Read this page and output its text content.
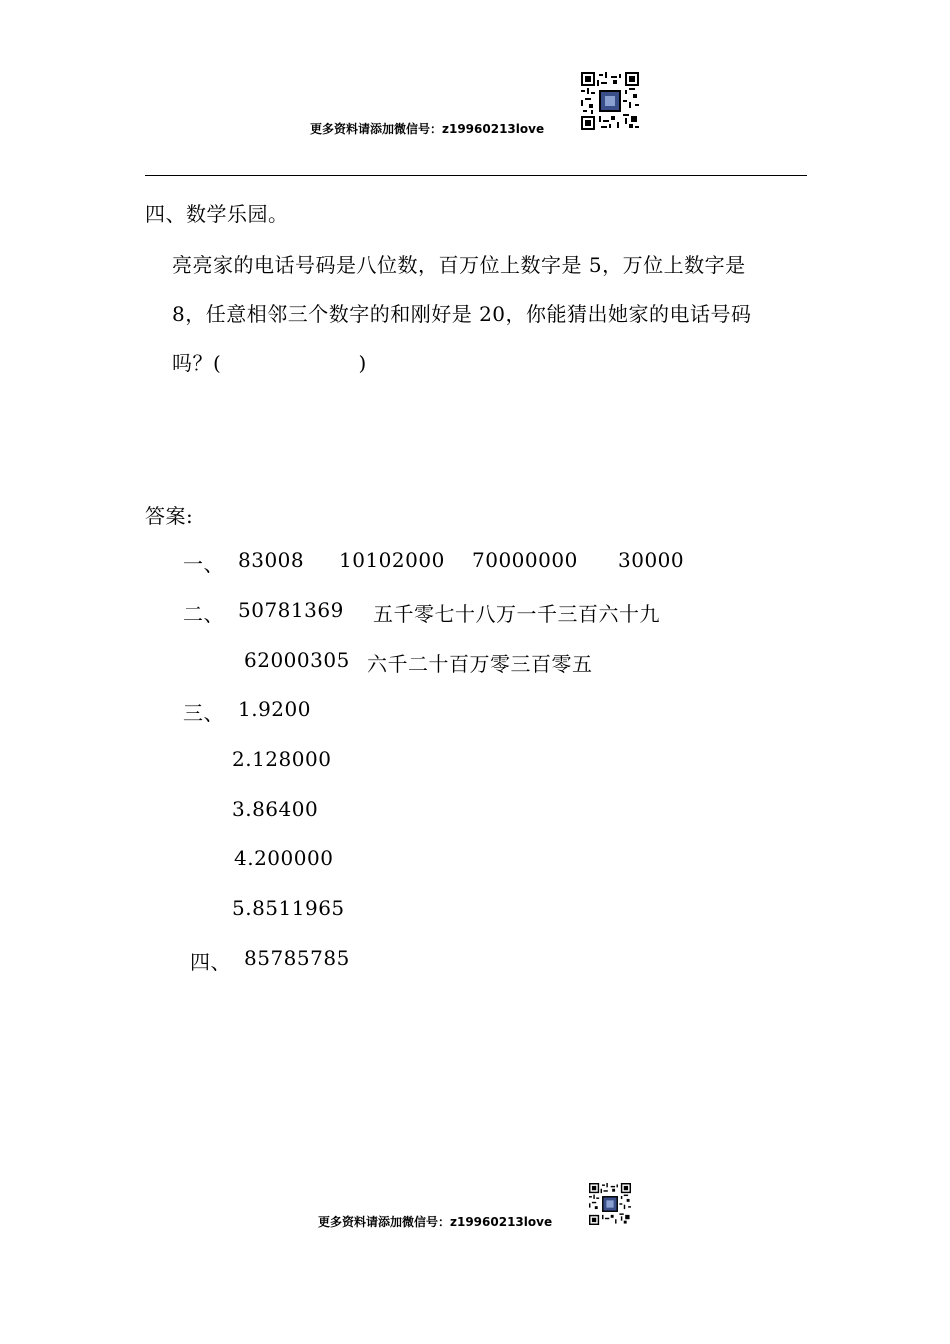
更多资料请添加微信号：z19960213love
四、数学乐园。
亮亮家的电话号码是八位数，百万位上数字是 5，万位上数字是
8，任意相邻三个数字的和刚好是 20，你能猜出她家的电话号码
吗？(                    )
答案:
一、 83008 10102000 70000000 30000
二、 50781369 五千零七十八万一千三百六十九
62000305 六千二十百万零三百零五
三、 1.9200
2.128000
3.86400
4.200000
5.8511965
四、 85785785
更多资料请添加微信号：z19960213love
